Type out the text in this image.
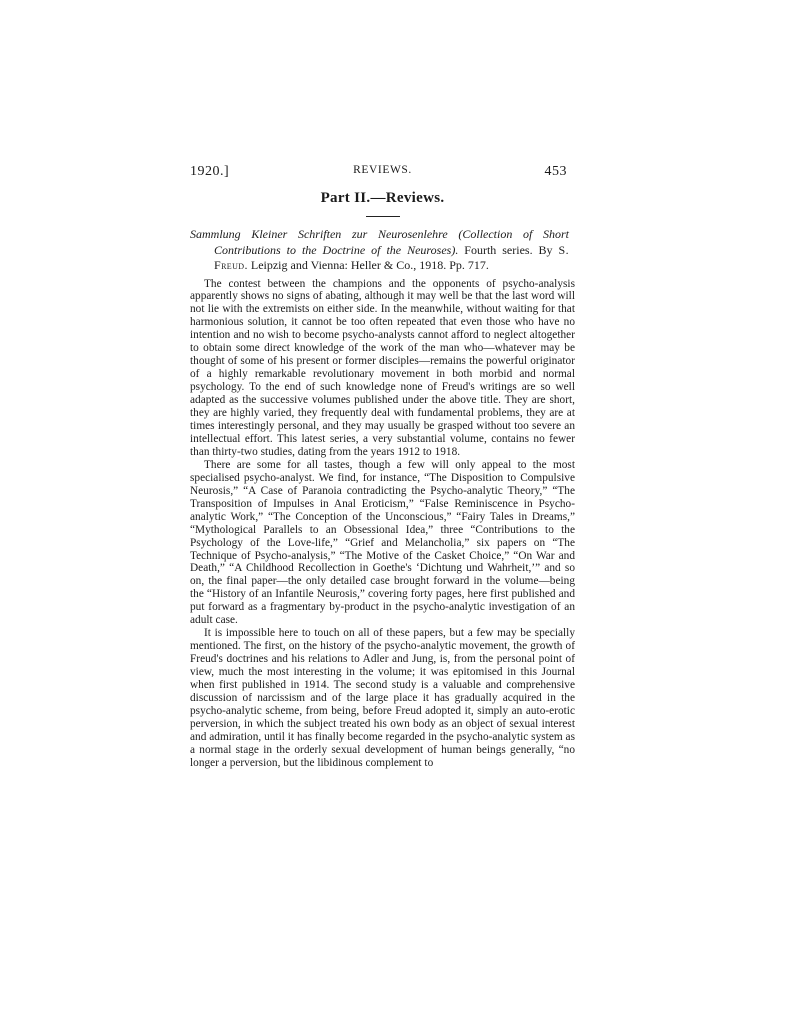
1920.]	REVIEWS.	453
Part II.—Reviews.
Sammlung Kleiner Schriften zur Neurosenlehre (Collection of Short Contributions to the Doctrine of the Neuroses). Fourth series. By S. Freud. Leipzig and Vienna: Heller & Co., 1918. Pp. 717.

The contest between the champions and the opponents of psycho-analysis apparently shows no signs of abating, although it may well be that the last word will not lie with the extremists on either side. In the meanwhile, without waiting for that harmonious solution, it cannot be too often repeated that even those who have no intention and no wish to become psycho-analysts cannot afford to neglect altogether to obtain some direct knowledge of the work of the man who—whatever may be thought of some of his present or former disciples—remains the powerful originator of a highly remarkable revolutionary movement in both morbid and normal psychology. To the end of such knowledge none of Freud's writings are so well adapted as the successive volumes published under the above title. They are short, they are highly varied, they frequently deal with fundamental problems, they are at times interestingly personal, and they may usually be grasped without too severe an intellectual effort. This latest series, a very substantial volume, contains no fewer than thirty-two studies, dating from the years 1912 to 1918.

There are some for all tastes, though a few will only appeal to the most specialised psycho-analyst. We find, for instance, “The Disposition to Compulsive Neurosis,” “A Case of Paranoia contradicting the Psycho-analytic Theory,” “The Transposition of Impulses in Anal Eroticism,” “False Reminiscence in Psycho-analytic Work,” “The Conception of the Unconscious,” “Fairy Tales in Dreams,” “Mythological Parallels to an Obsessional Idea,” three “Contributions to the Psychology of the Love-life,” “Grief and Melancholia,” six papers on “The Technique of Psycho-analysis,” “The Motive of the Casket Choice,” “On War and Death,” “A Childhood Recollection in Goethe's ‘Dichtung und Wahrheit,’” and so on, the final paper—the only detailed case brought forward in the volume—being the “History of an Infantile Neurosis,” covering forty pages, here first published and put forward as a fragmentary by-product in the psycho-analytic investigation of an adult case.

It is impossible here to touch on all of these papers, but a few may be specially mentioned. The first, on the history of the psycho-analytic movement, the growth of Freud's doctrines and his relations to Adler and Jung, is, from the personal point of view, much the most interesting in the volume; it was epitomised in this Journal when first published in 1914. The second study is a valuable and comprehensive discussion of narcissism and of the large place it has gradually acquired in the psycho-analytic scheme, from being, before Freud adopted it, simply an auto-erotic perversion, in which the subject treated his own body as an object of sexual interest and admiration, until it has finally become regarded in the psycho-analytic system as a normal stage in the orderly sexual development of human beings generally, “no longer a perversion, but the libidinous complement to
